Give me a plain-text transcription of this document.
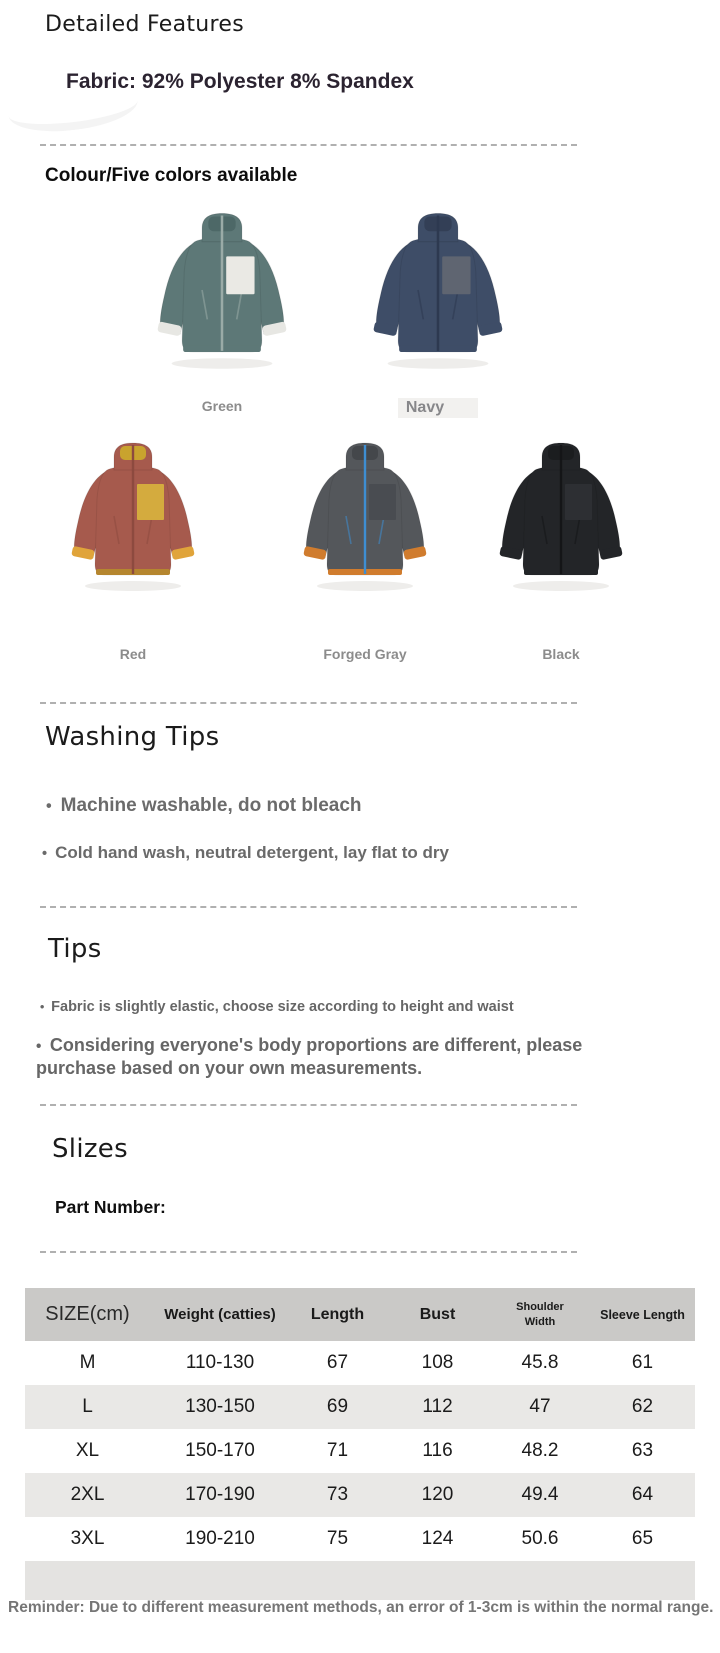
Detailed Features
Fabric: 92% Polyester 8% Spandex
Colour/Five colors available
Green	Navy
Red	Forged Gray	Black
Washing Tips
•  Machine washable, do not bleach
•  Cold hand wash, neutral detergent, lay flat to dry
Tips
•  Fabric is slightly elastic, choose size according to height and waist
•  Considering everyone's body proportions are different, please purchase based on your own measurements.
Slizes
Part Number:
SIZE(cm)	Weight (catties)	Length	Bust	Shoulder Width	Sleeve Length
M	110-130	67	108	45.8	61
L	130-150	69	112	47	62
XL	150-170	71	116	48.2	63
2XL	170-190	73	120	49.4	64
3XL	190-210	75	124	50.6	65

Reminder: Due to different measurement methods, an error of 1-3cm is within the normal range.
